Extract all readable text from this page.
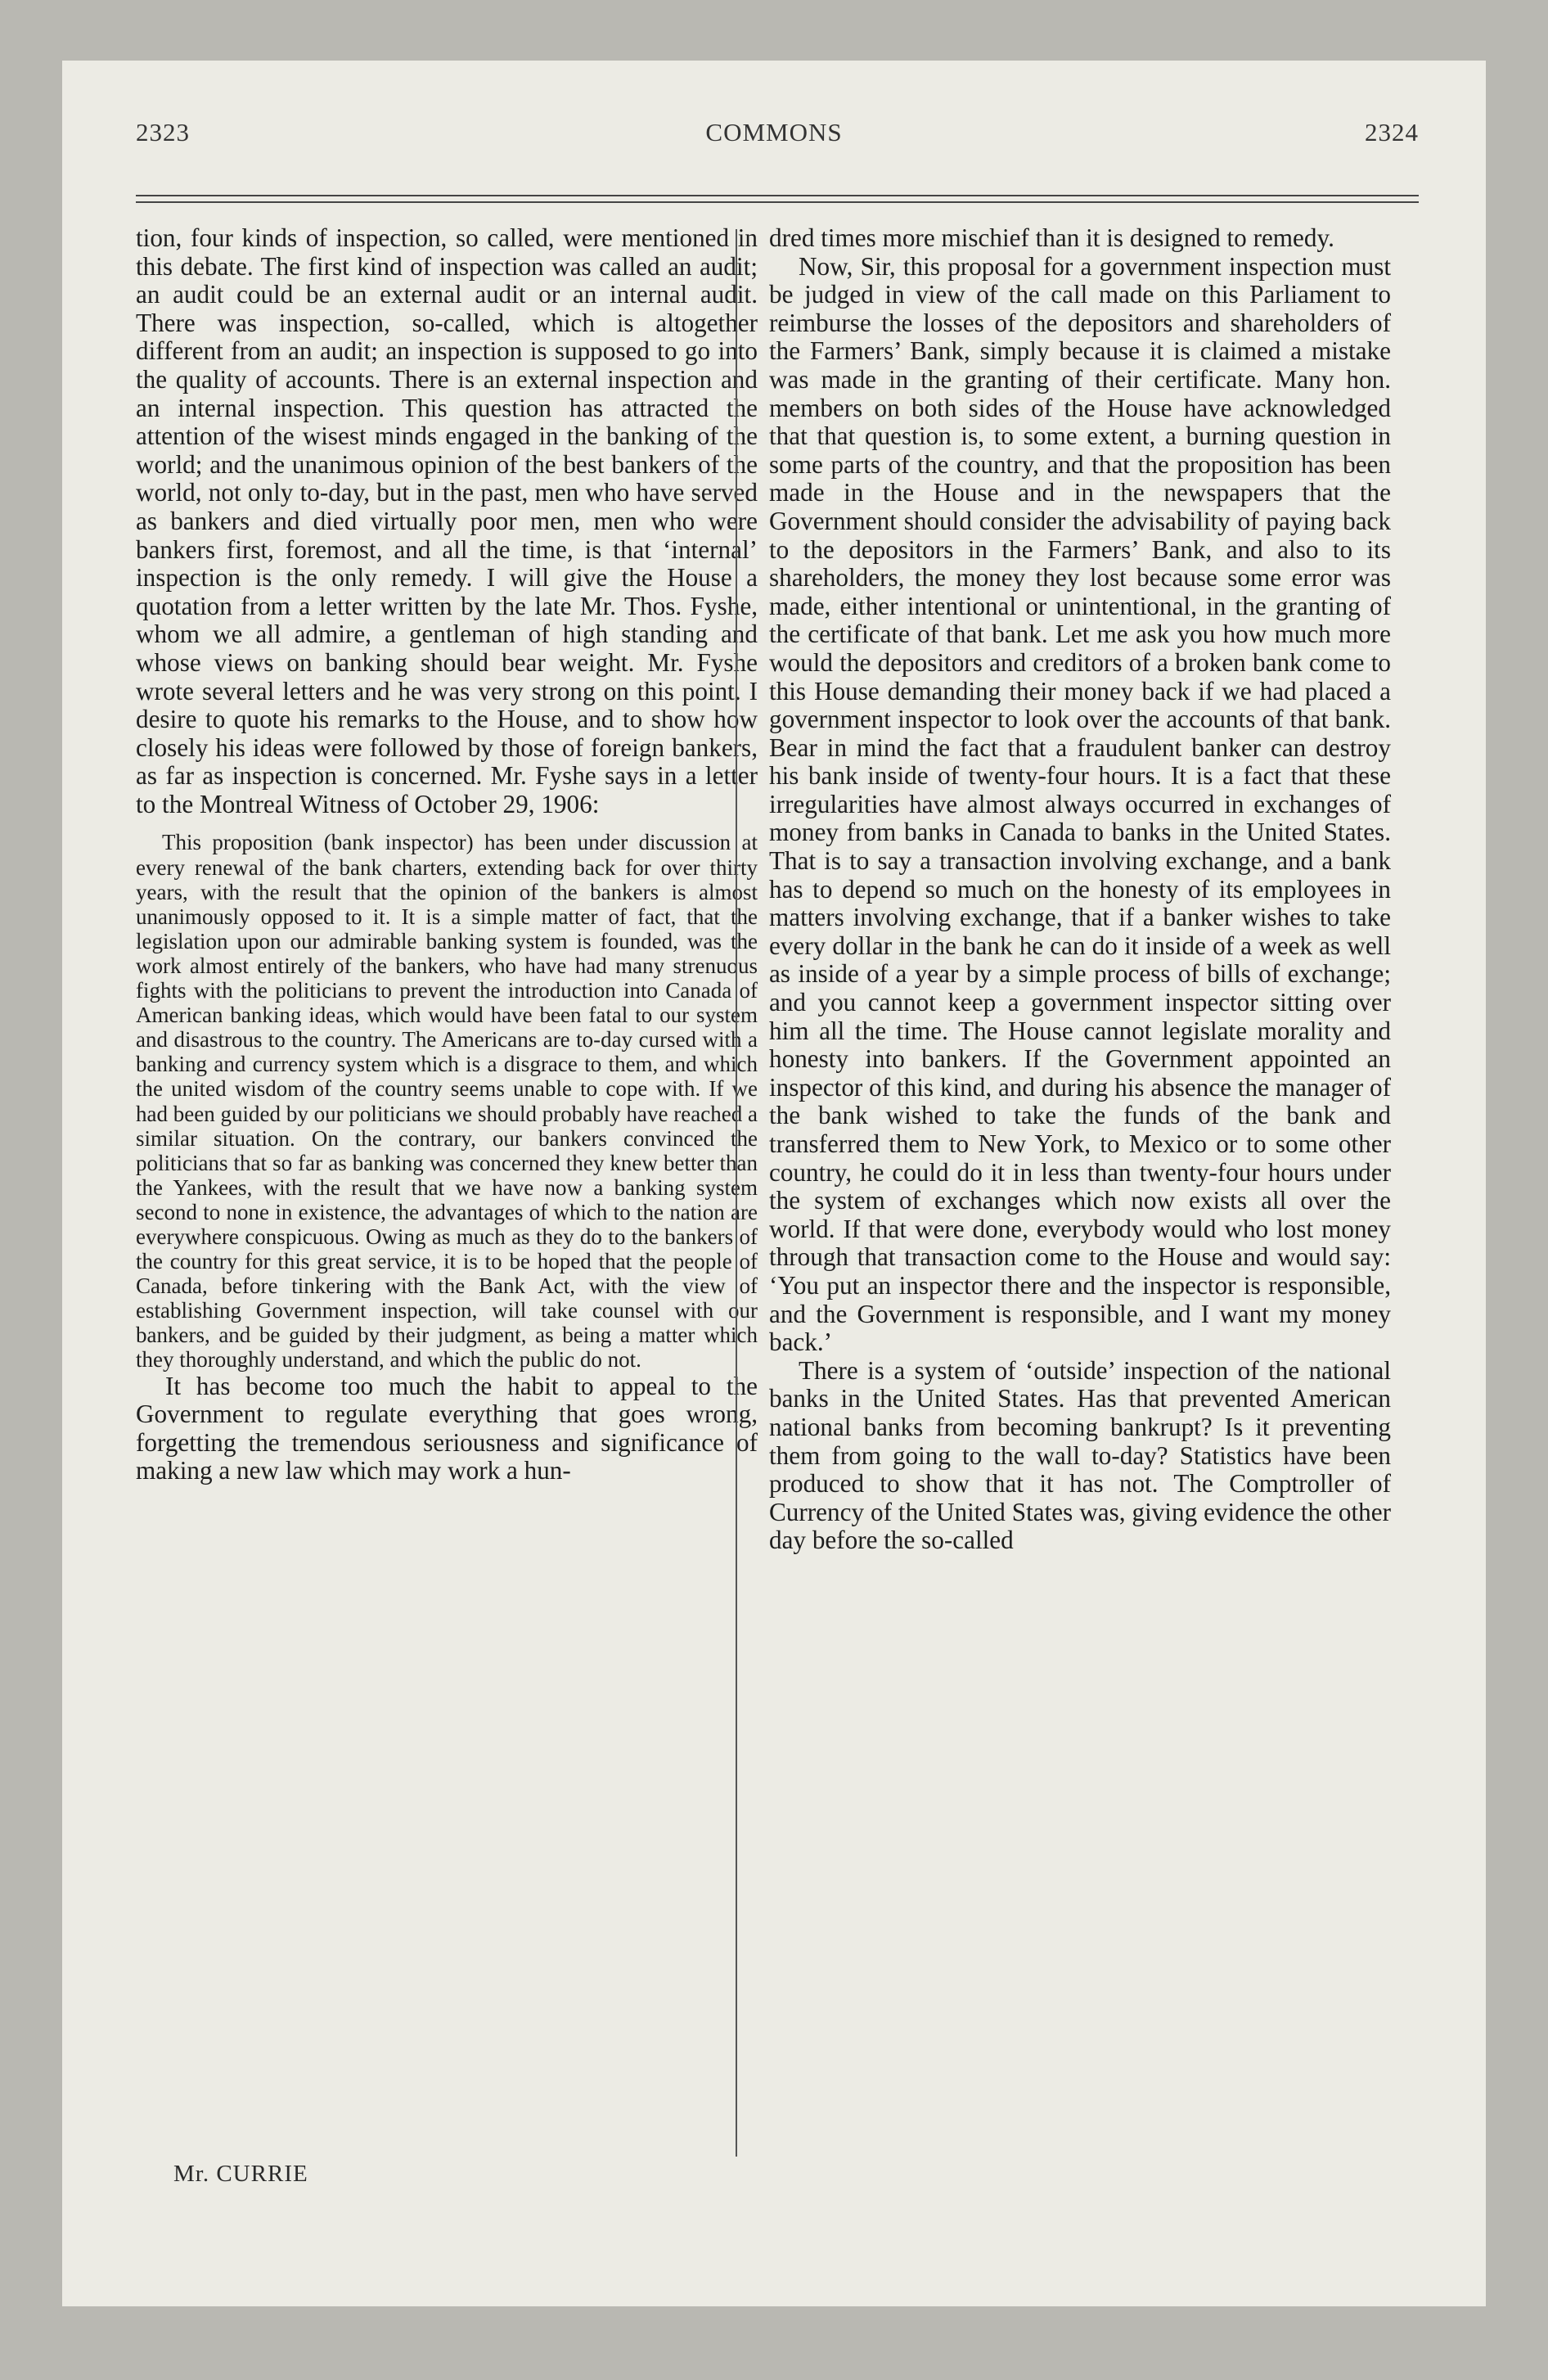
2323	COMMONS	2324

tion, four kinds of inspection, so called, were mentioned in this debate. The first kind of inspection was called an audit; an audit could be an external audit or an internal audit. There was inspection, so-called, which is altogether different from an audit; an inspection is supposed to go into the quality of accounts. There is an external inspection and an internal inspection. This question has attracted the attention of the wisest minds engaged in the banking of the world; and the unanimous opinion of the best bankers of the world, not only to-day, but in the past, men who have served as bankers and died virtually poor men, men who were bankers first, foremost, and all the time, is that ‘internal’ inspection is the only remedy. I will give the House a quotation from a letter written by the late Mr. Thos. Fyshe, whom we all admire, a gentleman of high standing and whose views on banking should bear weight. Mr. Fyshe wrote several letters and he was very strong on this point. I desire to quote his remarks to the House, and to show how closely his ideas were followed by those of foreign bankers, as far as inspection is concerned. Mr. Fyshe says in a letter to the Montreal Witness of October 29, 1906:

This proposition (bank inspector) has been under discussion at every renewal of the bank charters, extending back for over thirty years, with the result that the opinion of the bankers is almost unanimously opposed to it. It is a simple matter of fact, that the legislation upon our admirable banking system is founded, was the work almost entirely of the bankers, who have had many strenuous fights with the politicians to prevent the introduction into Canada of American banking ideas, which would have been fatal to our system and disastrous to the country. The Americans are to-day cursed with a banking and currency system which is a disgrace to them, and which the united wisdom of the country seems unable to cope with. If we had been guided by our politicians we should probably have reached a similar situation. On the contrary, our bankers convinced the politicians that so far as banking was concerned they knew better than the Yankees, with the result that we have now a banking system second to none in existence, the advantages of which to the nation are everywhere conspicuous. Owing as much as they do to the bankers of the country for this great service, it is to be hoped that the people of Canada, before tinkering with the Bank Act, with the view of establishing Government inspection, will take counsel with our bankers, and be guided by their judgment, as being a matter which they thoroughly understand, and which the public do not.

It has become too much the habit to appeal to the Government to regulate everything that goes wrong, forgetting the tremendous seriousness and significance of making a new law which may work a hun-

dred times more mischief than it is designed to remedy.

Now, Sir, this proposal for a government inspection must be judged in view of the call made on this Parliament to reimburse the losses of the depositors and shareholders of the Farmers’ Bank, simply because it is claimed a mistake was made in the granting of their certificate. Many hon. members on both sides of the House have acknowledged that that question is, to some extent, a burning question in some parts of the country, and that the proposition has been made in the House and in the newspapers that the Government should consider the advisability of paying back to the depositors in the Farmers’ Bank, and also to its shareholders, the money they lost because some error was made, either intentional or unintentional, in the granting of the certificate of that bank. Let me ask you how much more would the depositors and creditors of a broken bank come to this House demanding their money back if we had placed a government inspector to look over the accounts of that bank. Bear in mind the fact that a fraudulent banker can destroy his bank inside of twenty-four hours. It is a fact that these irregularities have almost always occurred in exchanges of money from banks in Canada to banks in the United States. That is to say a transaction involving exchange, and a bank has to depend so much on the honesty of its employees in matters involving exchange, that if a banker wishes to take every dollar in the bank he can do it inside of a week as well as inside of a year by a simple process of bills of exchange; and you cannot keep a government inspector sitting over him all the time. The House cannot legislate morality and honesty into bankers. If the Government appointed an inspector of this kind, and during his absence the manager of the bank wished to take the funds of the bank and transferred them to New York, to Mexico or to some other country, he could do it in less than twenty-four hours under the system of exchanges which now exists all over the world. If that were done, everybody would who lost money through that transaction come to the House and would say: ‘You put an inspector there and the inspector is responsible, and the Government is responsible, and I want my money back.’

There is a system of ‘outside’ inspection of the national banks in the United States. Has that prevented American national banks from becoming bankrupt? Is it preventing them from going to the wall to-day? Statistics have been produced to show that it has not. The Comptroller of Currency of the United States was, giving evidence the other day before the so-called

Mr. CURRIE
